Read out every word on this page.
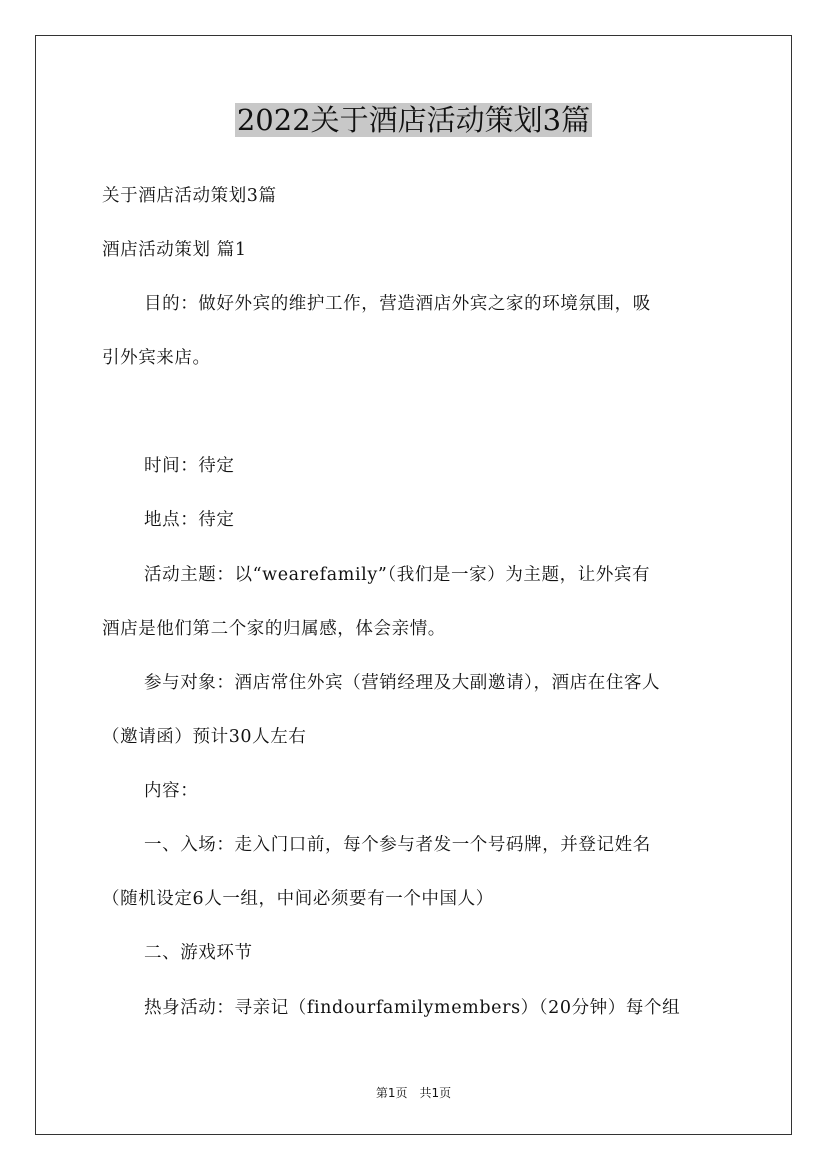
2022关于酒店活动策划3篇
关于酒店活动策划3篇
酒店活动策划 篇1
目的：做好外宾的维护工作，营造酒店外宾之家的环境氛围，吸
引外宾来店。
时间：待定
地点：待定
活动主题：以“wearefamily”（我们是一家）为主题，让外宾有
酒店是他们第二个家的归属感，体会亲情。
参与对象：酒店常住外宾（营销经理及大副邀请），酒店在住客人
（邀请函）预计30人左右
内容：
一、入场：走入门口前，每个参与者发一个号码牌，并登记姓名
（随机设定6人一组，中间必须要有一个中国人）
二、游戏环节
热身活动：寻亲记（findourfamilymembers）（20分钟）每个组
第1页　共1页
